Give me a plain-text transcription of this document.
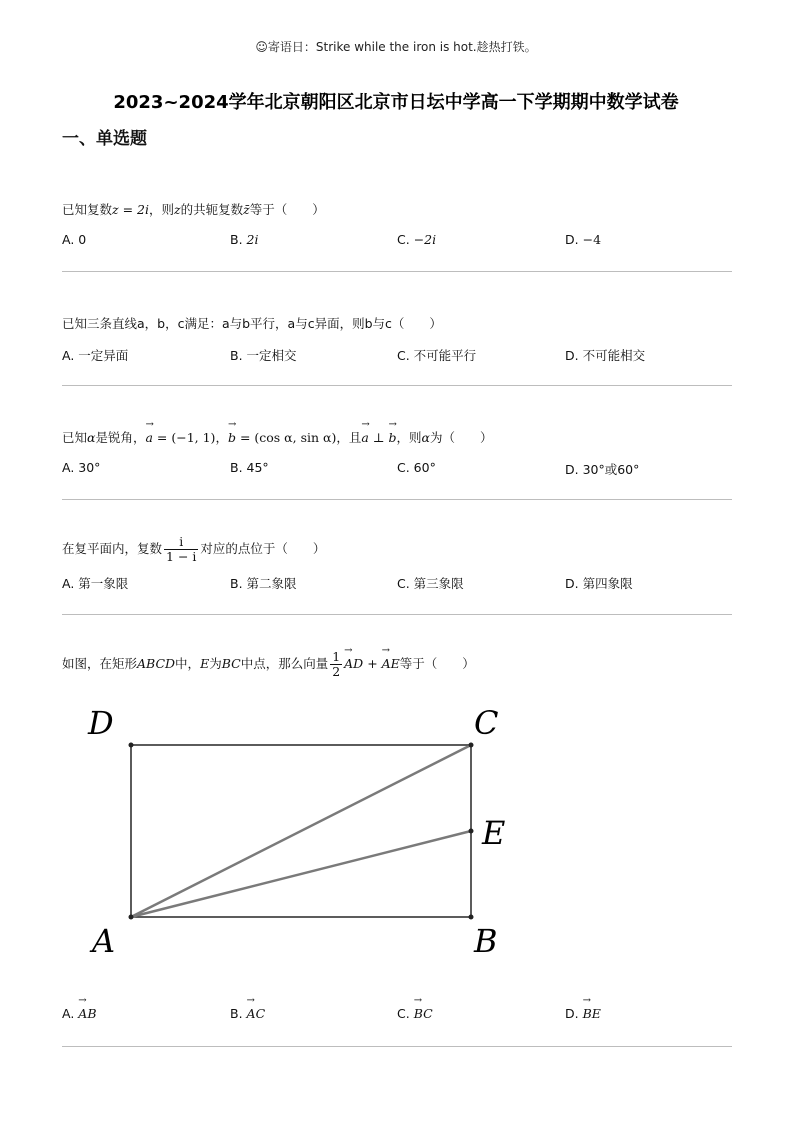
☺寄语日：Strike while the iron is hot.趁热打铁。
2023~2024学年北京朝阳区北京市日坛中学高一下学期期中数学试卷
一、单选题
已知复数z = 2i，则z的共轭复数z̄等于（　　）
A. 0	B. 2i	C. −2i	D. −4
已知三条直线a，b，c满足：a与b平行，a与c异面，则b与c（　　）
A. 一定异面	B. 一定相交	C. 不可能平行	D. 不可能相交
已知α是锐角，→ a = (−1, 1)，→ b = (cos α, sin α)，且→ a ⊥ → b，则α为（　　）
A. 30°	B. 45°	C. 60°	D. 30°或60°
在复平面内，复数 $\frac{i}{1 - i}$ 对应的点位于（　　）
A. 第一象限	B. 第二象限	C. 第三象限	D. 第四象限
如图，在矩形ABCD中，E为BC中点，那么向量 $\frac{1}{2}$ → AD + → AE等于（　　）
D	C
E
A	B
A. → AB	B. → AC	C. → BC	D. → BE
